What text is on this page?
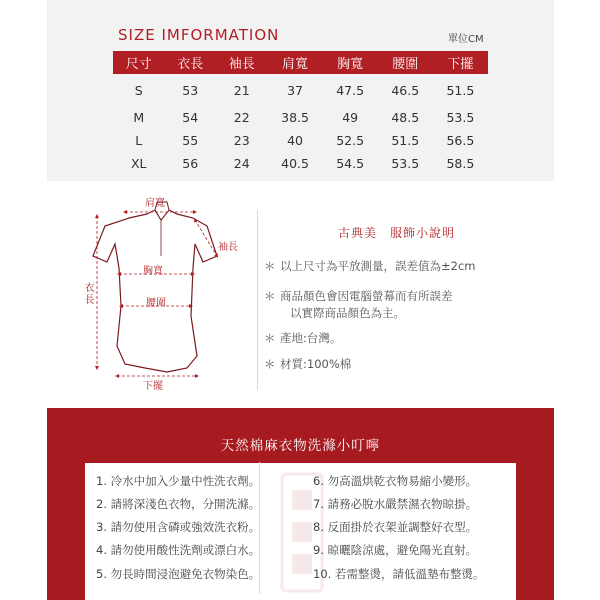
SIZE IMFORMATION	單位CM
尺寸	衣長	袖長	肩寬	胸寬	腰圍	下擺
S	53	21	37	47.5	46.5	51.5
M	54	22	38.5	49	48.5	53.5
L	55	23	40	52.5	51.5	56.5
XL	56	24	40.5	54.5	53.5	58.5
肩寬
袖長
胸寬
衣長	腰圍
下擺
古典美　服飾小說明
＊ 以上尺寸為平放測量，誤差值為±2cm
＊ 商品顏色會因電腦螢幕而有所誤差
以實際商品顏色為主。
＊ 產地:台灣。
＊ 材質:100%棉
天然棉麻衣物洗滌小叮嚀
1. 冷水中加入少量中性洗衣劑。
2. 請將深淺色衣物，分開洗滌。
3. 請勿使用含磷或強效洗衣粉。
4. 請勿使用酸性洗劑或漂白水。
5. 勿長時間浸泡避免衣物染色。
6. 勿高溫烘乾衣物易縮小變形。
7. 請務必脫水嚴禁濕衣物晾掛。
8. 反面掛於衣架並調整好衣型。
9. 晾曬陰涼處，避免陽光直射。
10. 若需整燙，請低溫墊布整燙。
